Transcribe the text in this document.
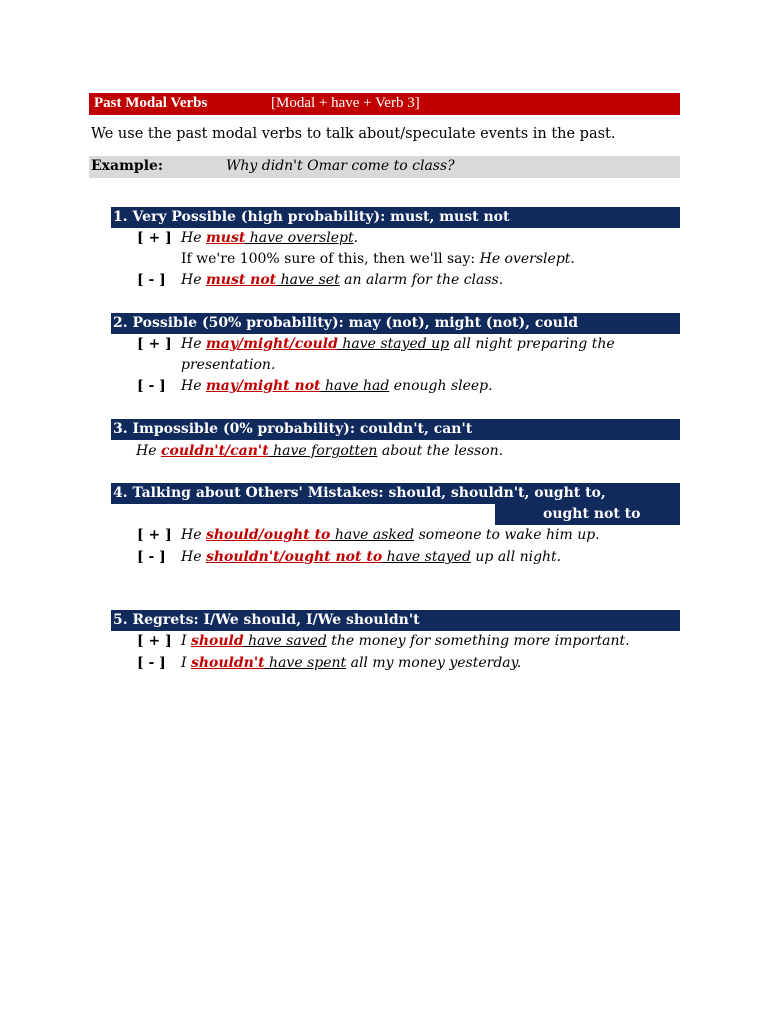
Past Modal Verbs	[Modal + have + Verb 3]
We use the past modal verbs to talk about/speculate events in the past.
Example:	Why didn't Omar come to class?
1. Very Possible (high probability): must, must not
[ + ] He must have overslept.
If we're 100% sure of this, then we'll say: He overslept.
[ - ] He must not have set an alarm for the class.
2. Possible (50% probability): may (not), might (not), could
[ + ] He may/might/could have stayed up all night preparing the
presentation.
[ - ] He may/might not have had enough sleep.
3. Impossible (0% probability): couldn't, can't
He couldn't/can't have forgotten about the lesson.
4. Talking about Others' Mistakes: should, shouldn't, ought to,
ought not to
[ + ] He should/ought to have asked someone to wake him up.
[ - ] He shouldn't/ought not to have stayed up all night.
5. Regrets: I/We should, I/We shouldn't
[ + ] I should have saved the money for something more important.
[ - ] I shouldn't have spent all my money yesterday.
